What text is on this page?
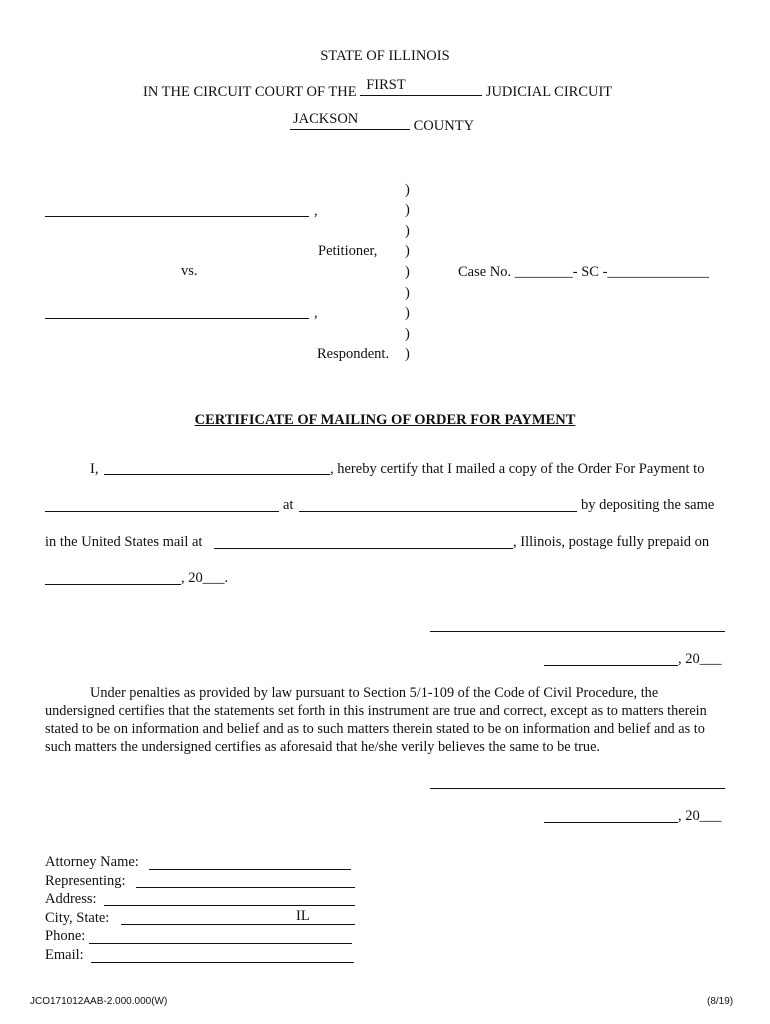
STATE OF ILLINOIS
IN THE CIRCUIT COURT OF THE FIRST	JUDICIAL CIRCUIT
JACKSON	COUNTY
,
Petitioner,
vs.	Case No. ________- SC -______________
,
Respondent.
)
)
)
)
)
)
)
)
)
CERTIFICATE OF MAILING OF ORDER FOR PAYMENT
I,	, hereby certify that I mailed a copy of the Order For Payment to
at	by depositing the same
in the United States mail at	, Illinois, postage fully prepaid on
, 20___.
, 20___
Under penalties as provided by law pursuant to Section 5/1-109 of the Code of Civil Procedure, the undersigned certifies that the statements set forth in this instrument are true and correct, except as to matters therein stated to be on information and belief and as to such matters therein stated to be on information and belief and as to such matters the undersigned certifies as aforesaid that he/she verily believes the same to be true.
, 20___
Attorney Name:
Representing:
Address:
City, State:	IL
Phone:
Email:
JCO171012AAB-2.000.000(W)	(8/19)
